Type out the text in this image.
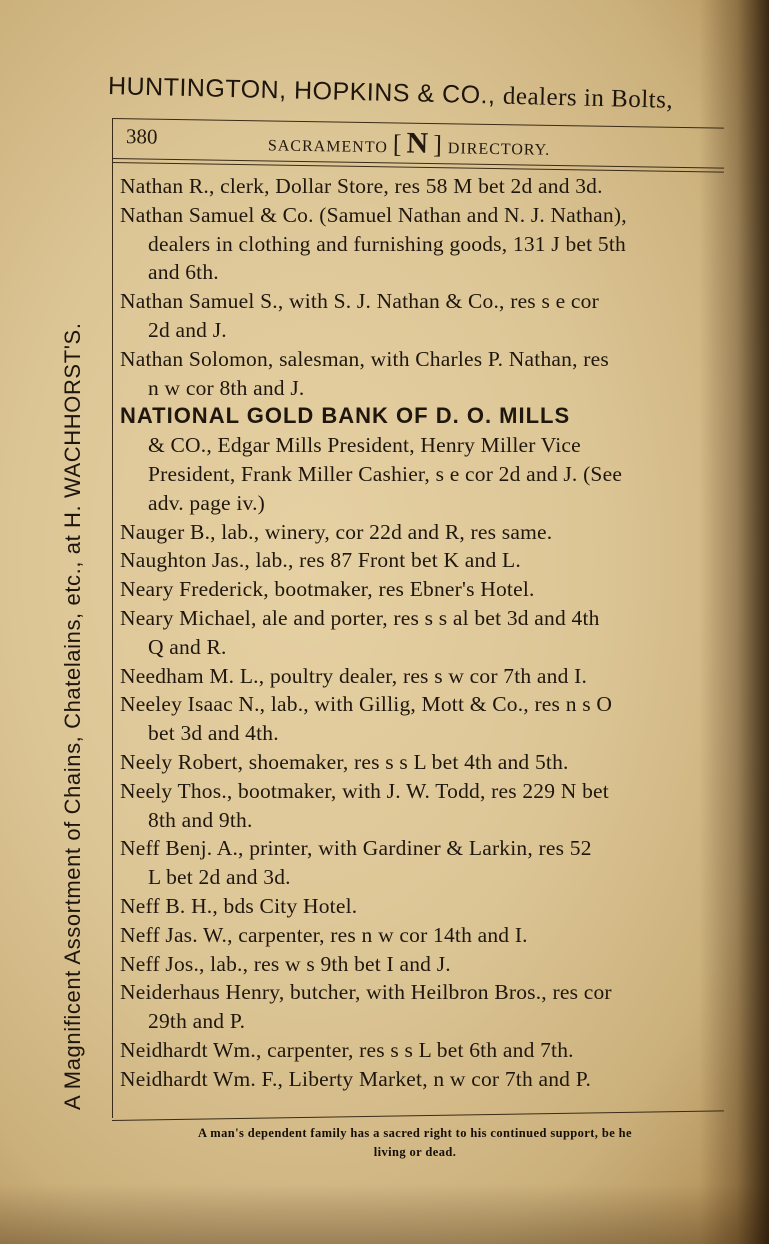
HUNTINGTON, HOPKINS & CO., dealers in Bolts,
A Magnificent Assortment of Chains, Chatelains, etc., at H. WACHHORST'S.
380	SACRAMENTO [ N ] DIRECTORY.

Nathan R., clerk, Dollar Store, res 58 M bet 2d and 3d.

Nathan Samuel & Co. (Samuel Nathan and N. J. Nathan),

dealers in clothing and furnishing goods, 131 J bet 5th

and 6th.

Nathan Samuel S., with S. J. Nathan & Co., res s e cor

2d and J.

Nathan Solomon, salesman, with Charles P. Nathan, res

n w cor 8th and J.

NATIONAL GOLD BANK OF D. O. MILLS

& CO., Edgar Mills President, Henry Miller Vice

President, Frank Miller Cashier, s e cor 2d and J. (See

adv. page iv.)

Nauger B., lab., winery, cor 22d and R, res same.

Naughton Jas., lab., res 87 Front bet K and L.

Neary Frederick, bootmaker, res Ebner's Hotel.

Neary Michael, ale and porter, res s s al bet 3d and 4th

Q and R.

Needham M. L., poultry dealer, res s w cor 7th and I.

Neeley Isaac N., lab., with Gillig, Mott & Co., res n s O

bet 3d and 4th.

Neely Robert, shoemaker, res s s L bet 4th and 5th.

Neely Thos., bootmaker, with J. W. Todd, res 229 N bet

8th and 9th.

Neff Benj. A., printer, with Gardiner & Larkin, res 52

L bet 2d and 3d.

Neff B. H., bds City Hotel.

Neff Jas. W., carpenter, res n w cor 14th and I.

Neff Jos., lab., res w s 9th bet I and J.

Neiderhaus Henry, butcher, with Heilbron Bros., res cor

29th and P.

Neidhardt Wm., carpenter, res s s L bet 6th and 7th.

Neidhardt Wm. F., Liberty Market, n w cor 7th and P.

A man's dependent family has a sacred right to his continued support, be he
living or dead.
